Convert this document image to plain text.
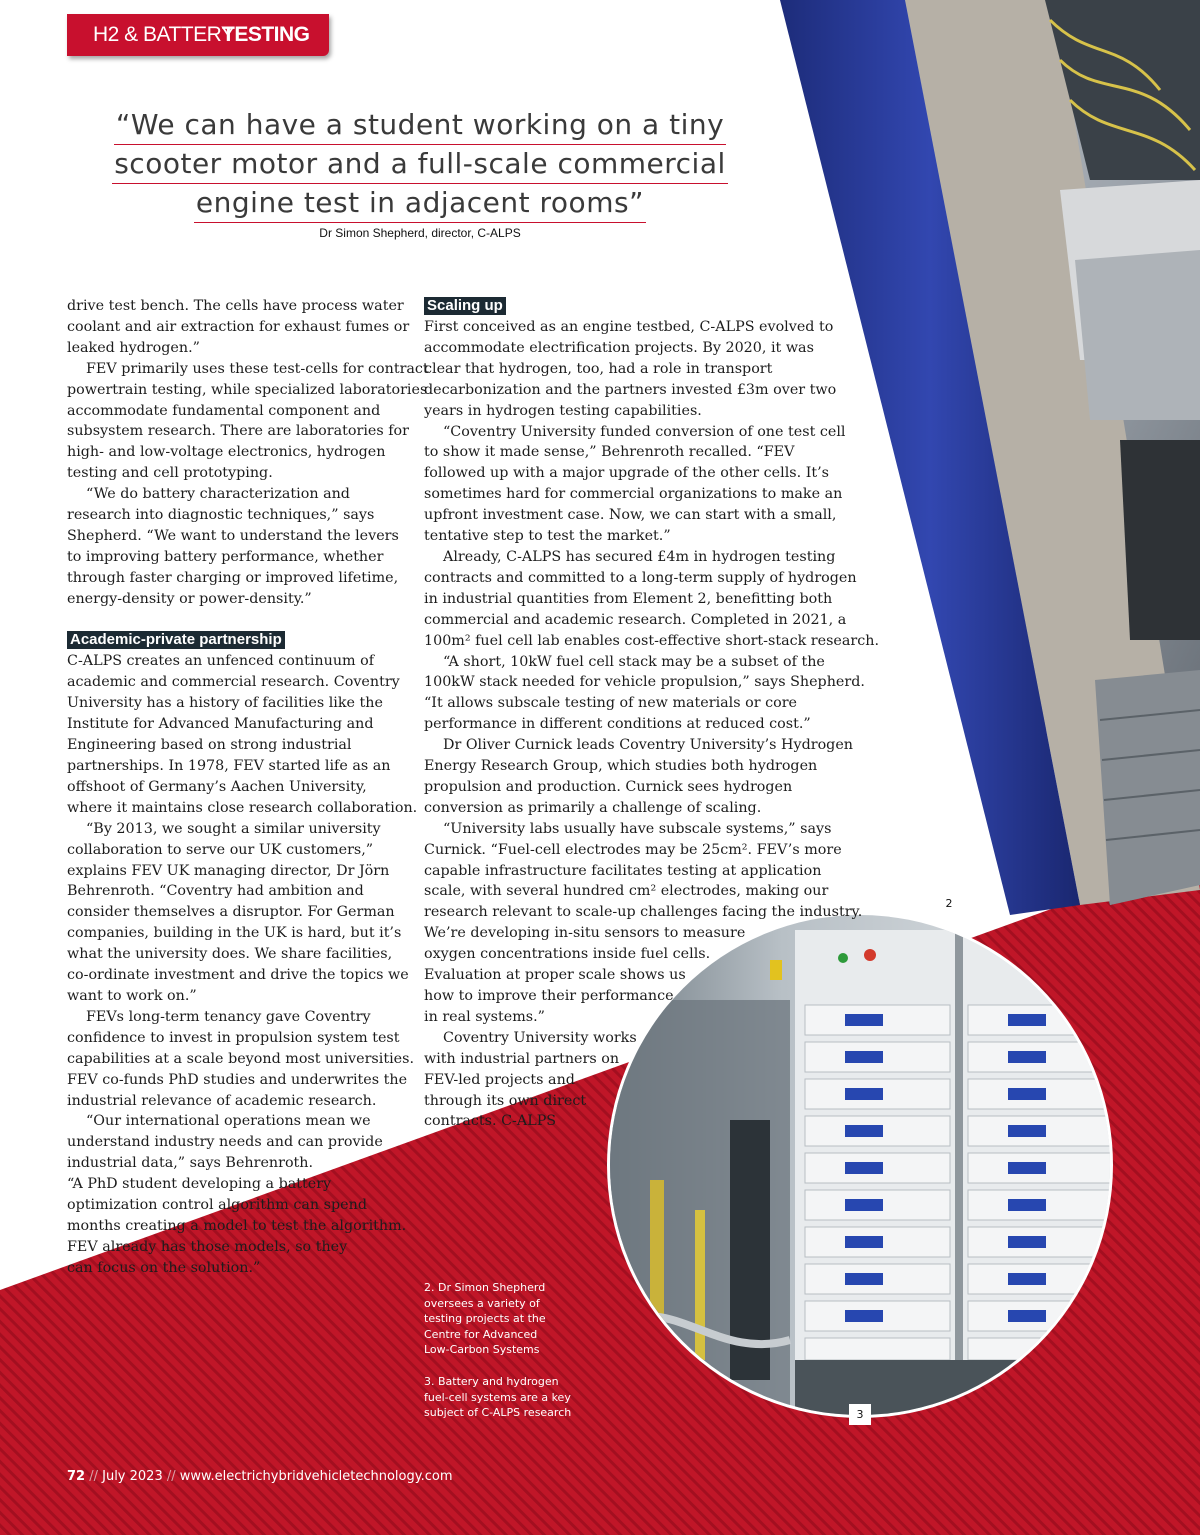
H2 & BATTERY
TESTING
“We can have a student working on a tiny
scooter motor and a full-scale commercial
engine test in adjacent rooms”
Dr Simon Shepherd, director, C-ALPS

drive test bench. The cells have process water

coolant and air extraction for exhaust fumes or

leaked hydrogen.”

FEV primarily uses these test-cells for contract

powertrain testing, while specialized laboratories

accommodate fundamental component and

subsystem research. There are laboratories for

high- and low-voltage electronics, hydrogen

testing and cell prototyping.

“We do battery characterization and

research into diagnostic techniques,” says

Shepherd. “We want to understand the levers

to improving battery performance, whether

through faster charging or improved lifetime,

energy-density or power-density.”

Academic-private partnership

C-ALPS creates an unfenced continuum of

academic and commercial research. Coventry

University has a history of facilities like the

Institute for Advanced Manufacturing and

Engineering based on strong industrial

partnerships. In 1978, FEV started life as an

offshoot of Germany’s Aachen University,

where it maintains close research collaboration.

“By 2013, we sought a similar university

collaboration to serve our UK customers,”

explains FEV UK managing director, Dr Jörn

Behrenroth. “Coventry had ambition and

consider themselves a disruptor. For German

companies, building in the UK is hard, but it’s

what the university does. We share facilities,

co-ordinate investment and drive the topics we

want to work on.”

FEVs long-term tenancy gave Coventry

confidence to invest in propulsion system test

capabilities at a scale beyond most universities.

FEV co-funds PhD studies and underwrites the

industrial relevance of academic research.

“Our international operations mean we

understand industry needs and can provide

industrial data,” says Behrenroth.

“A PhD student developing a battery

optimization control algorithm can spend

months creating a model to test the algorithm.

FEV already has those models, so they

can focus on the solution.”

Scaling up

First conceived as an engine testbed, C-ALPS evolved to

accommodate electrification projects. By 2020, it was

clear that hydrogen, too, had a role in transport

decarbonization and the partners invested £3m over two

years in hydrogen testing capabilities.

“Coventry University funded conversion of one test cell

to show it made sense,” Behrenroth recalled. “FEV

followed up with a major upgrade of the other cells. It’s

sometimes hard for commercial organizations to make an

upfront investment case. Now, we can start with a small,

tentative step to test the market.”

Already, C-ALPS has secured £4m in hydrogen testing

contracts and committed to a long-term supply of hydrogen

in industrial quantities from Element 2, benefitting both

commercial and academic research. Completed in 2021, a

100m² fuel cell lab enables cost-effective short-stack research.

“A short, 10kW fuel cell stack may be a subset of the

100kW stack needed for vehicle propulsion,” says Shepherd.

“It allows subscale testing of new materials or core

performance in different conditions at reduced cost.”

Dr Oliver Curnick leads Coventry University’s Hydrogen

Energy Research Group, which studies both hydrogen

propulsion and production. Curnick sees hydrogen

conversion as primarily a challenge of scaling.

“University labs usually have subscale systems,” says

Curnick. “Fuel-cell electrodes may be 25cm². FEV’s more

capable infrastructure facilitates testing at application

scale, with several hundred cm² electrodes, making our

research relevant to scale-up challenges facing the industry.

We’re developing in-situ sensors to measure

oxygen concentrations inside fuel cells.

Evaluation at proper scale shows us

how to improve their performance

in real systems.”

Coventry University works

with industrial partners on

FEV-led projects and

through its own direct

contracts. C-ALPS

2. Dr Simon Shepherd
oversees a variety of
testing projects at the
Centre for Advanced
Low-Carbon Systems
3. Battery and hydrogen
fuel-cell systems are a key
subject of C-ALPS research
2
3
72 // July 2023 // www.electrichybridvehicletechnology.com
